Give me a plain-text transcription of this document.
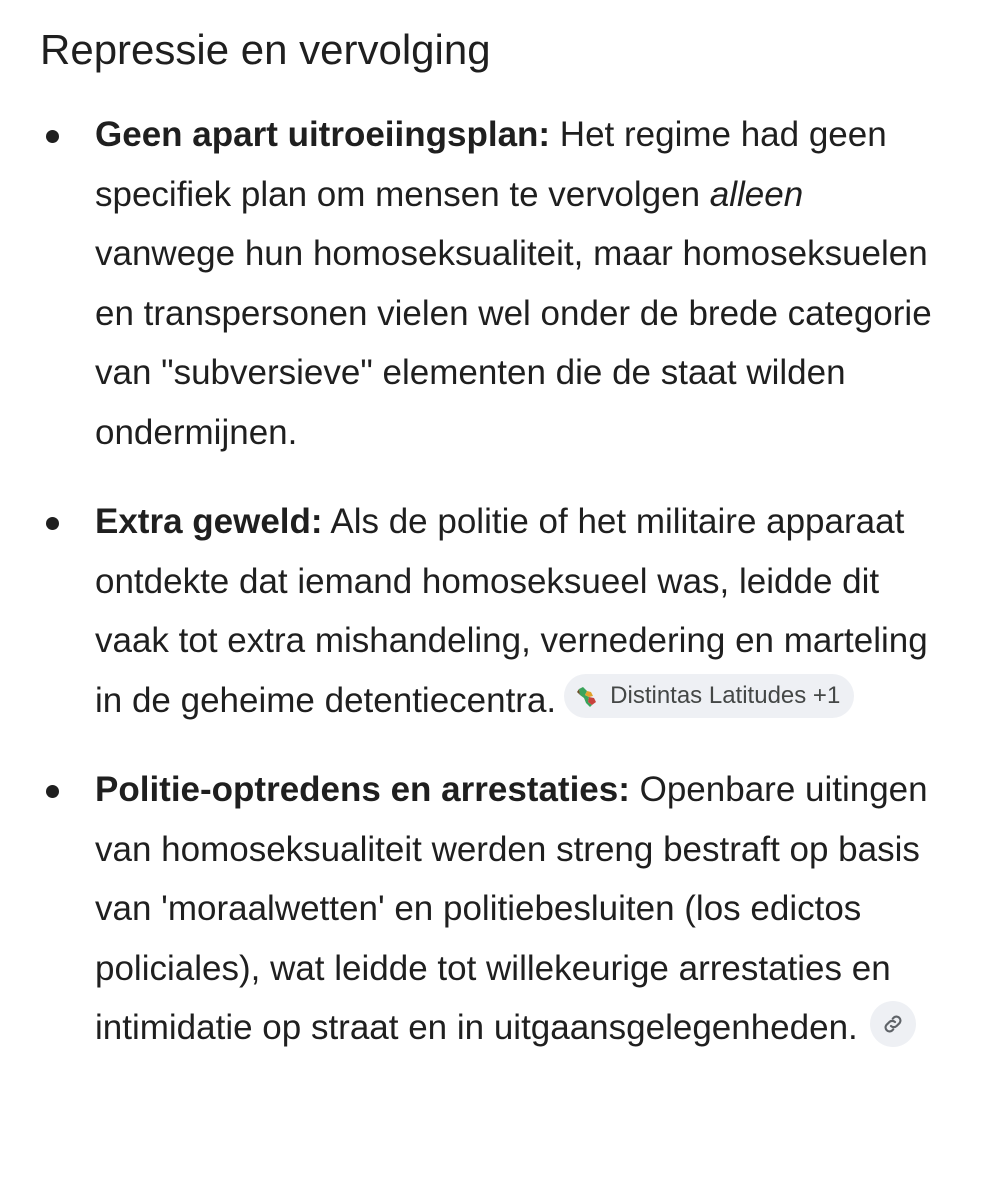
Repressie en vervolging
Geen apart uitroeiingsplan: Het regime had geen specifiek plan om mensen te vervolgen alleen vanwege hun homoseksualiteit, maar homoseksuelen en transpersonen vielen wel onder de brede categorie van "subversieve" elementen die de staat wilden ondermijnen.
Extra geweld: Als de politie of het militaire apparaat ontdekte dat iemand homoseksueel was, leidde dit vaak tot extra mishandeling, vernedering en marteling in de geheime detentiecentra. Distintas Latitudes +1
Politie-optredens en arrestaties: Openbare uitingen van homoseksualiteit werden streng bestraft op basis van 'moraalwetten' en politiebesluiten (los edictos policiales), wat leidde tot willekeurige arrestaties en intimidatie op straat en in uitgaansgelegenheden.
